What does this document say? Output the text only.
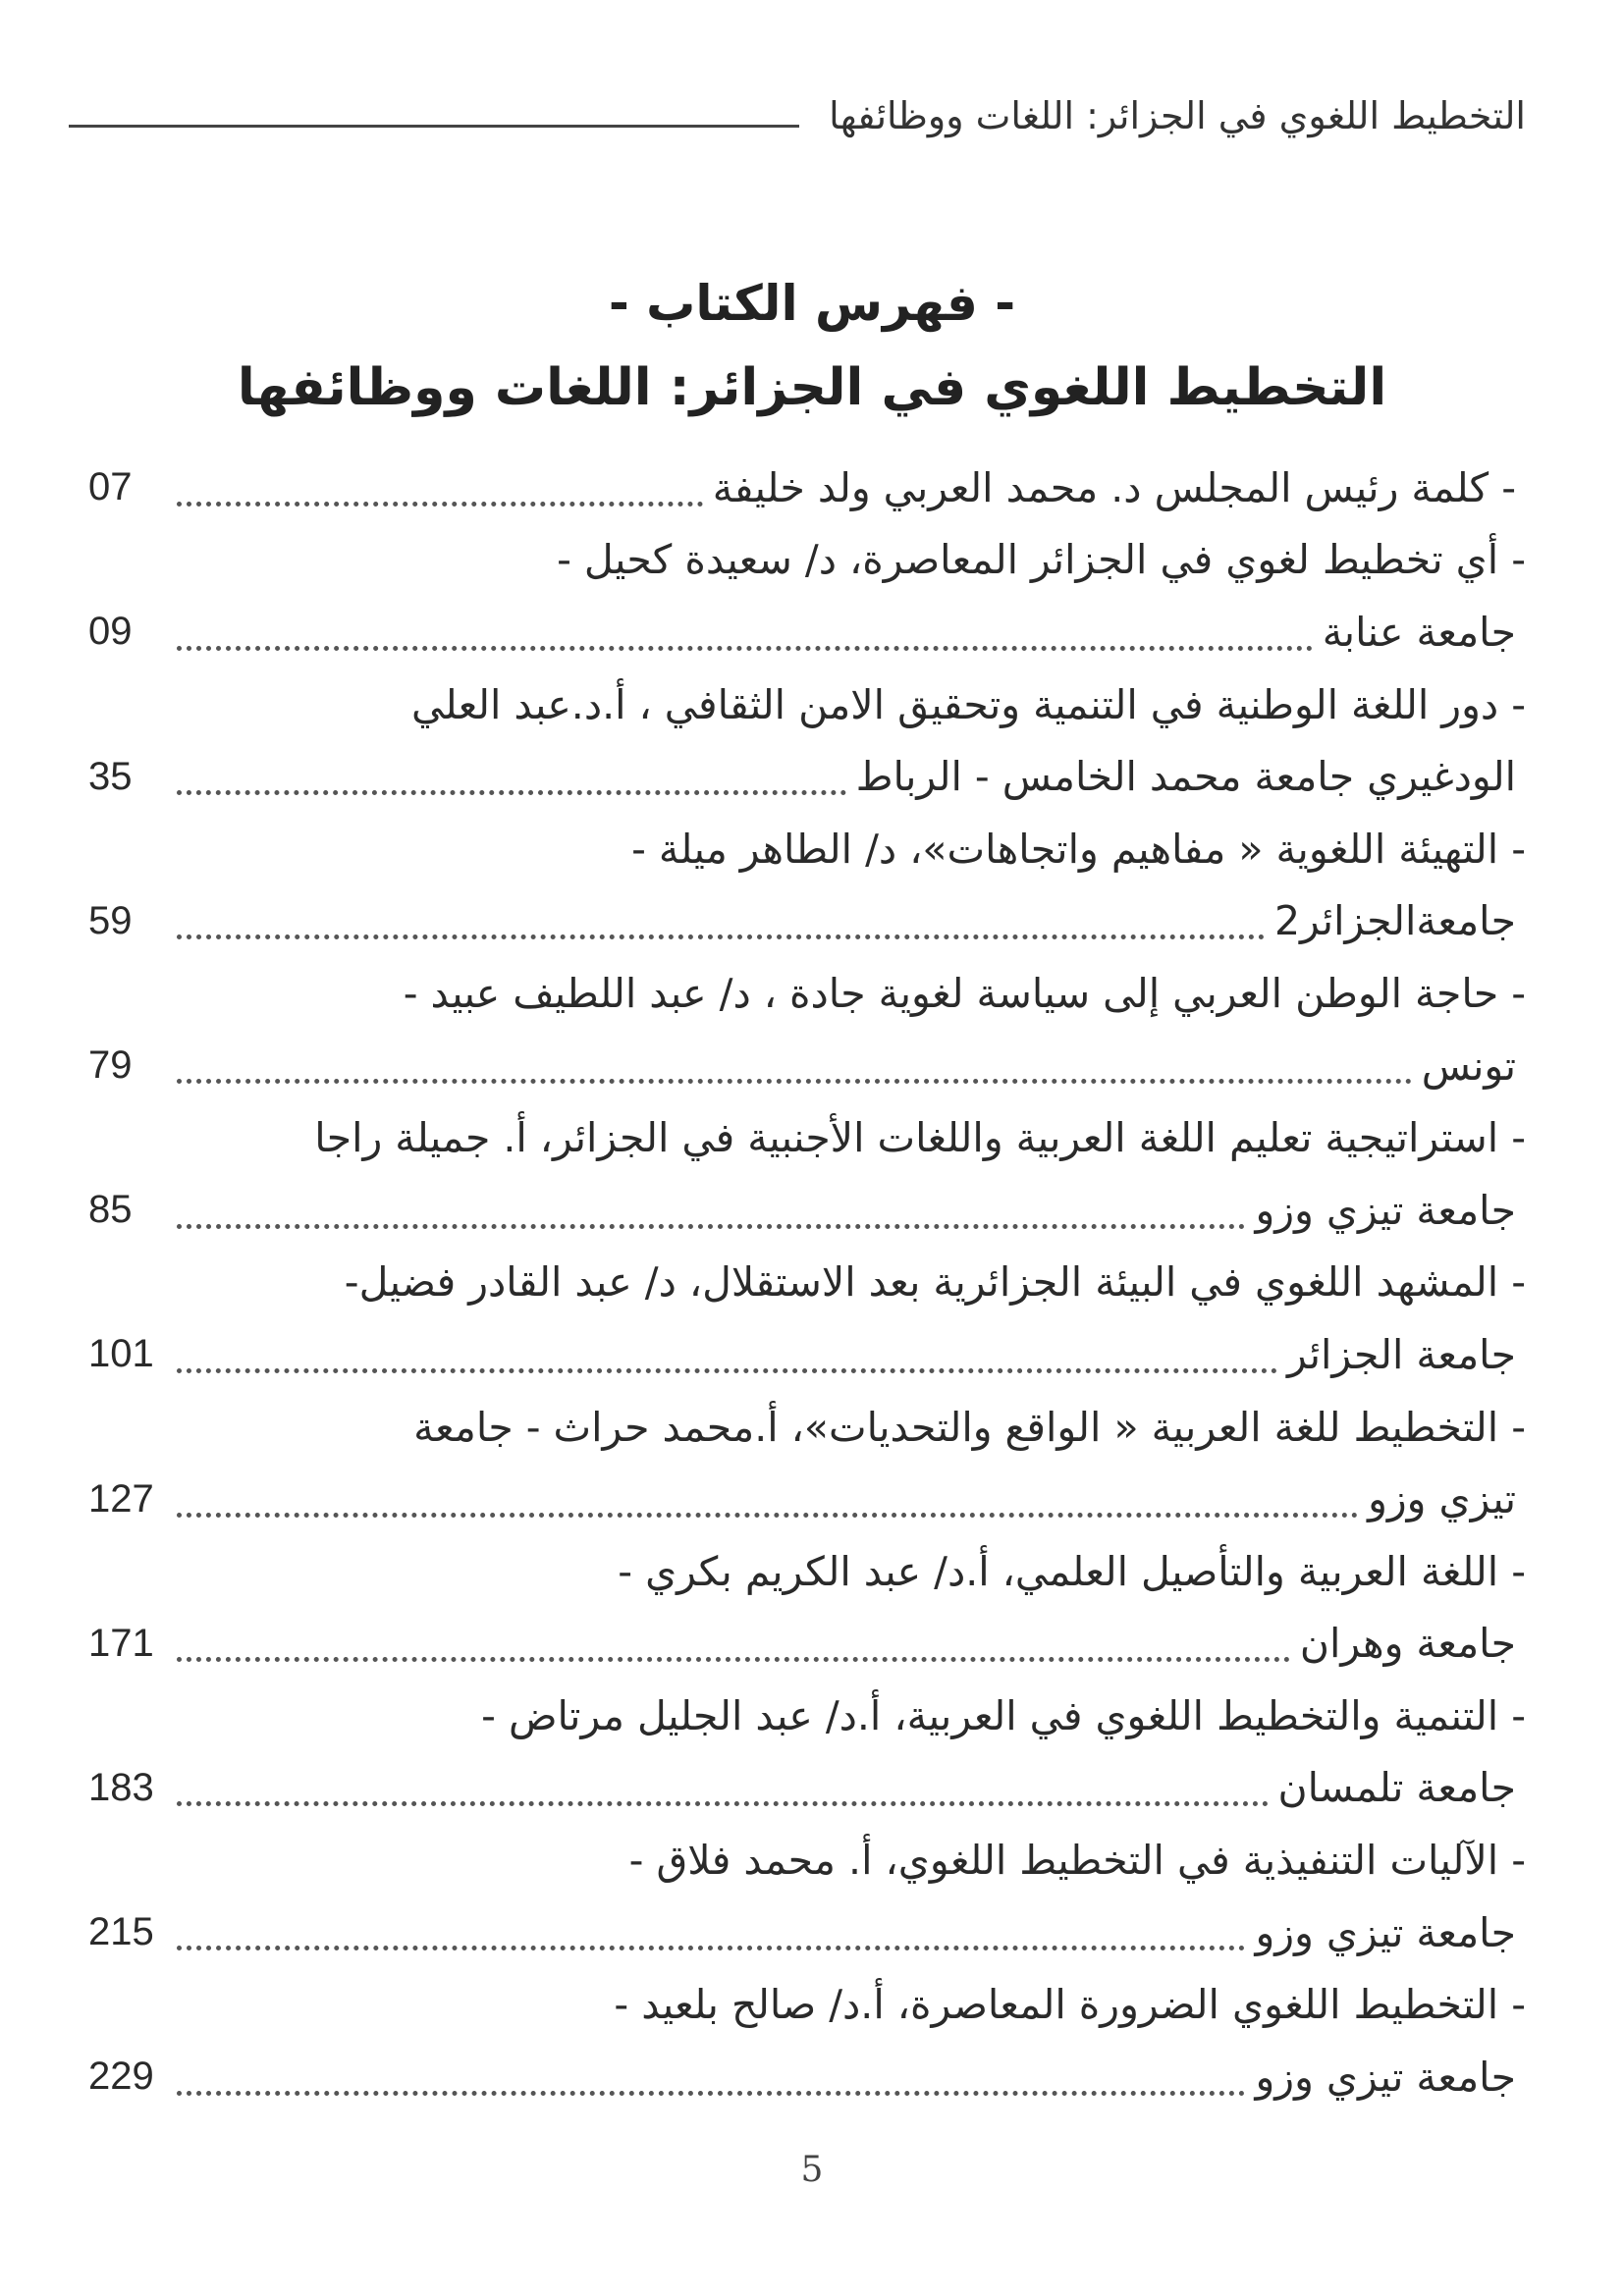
التخطيط اللغوي في الجزائر: اللغات ووظائفها
- فهرس الكتاب -
التخطيط اللغوي في الجزائر: اللغات ووظائفها
- كلمة رئيس المجلس د. محمد العربي ولد خليفة
07
- أي تخطيط لغوي في الجزائر المعاصرة، د/ سعيدة كحيل -
جامعة عنابة
09
- دور اللغة الوطنية في التنمية وتحقيق الامن الثقافي ، أ.د.عبد العلي
الودغيري جامعة محمد الخامس - الرباط
35
- التهيئة اللغوية « مفاهيم واتجاهات»، د/ الطاهر ميلة -
جامعةالجزائر2
59
- حاجة الوطن العربي إلى سياسة لغوية جادة ، د/ عبد اللطيف عبيد -
تونس
79
- استراتيجية تعليم اللغة العربية واللغات الأجنبية في الجزائر، أ. جميلة راجا
جامعة تيزي وزو
85
- المشهد اللغوي في البيئة الجزائرية بعد الاستقلال، د/ عبد القادر فضيل-
جامعة الجزائر
101
- التخطيط للغة العربية « الواقع والتحديات»، أ.محمد حراث - جامعة
تيزي وزو
127
- اللغة العربية والتأصيل العلمي، أ.د/ عبد الكريم بكري -
جامعة وهران
171
- التنمية والتخطيط اللغوي في العربية، أ.د/ عبد الجليل مرتاض -
جامعة تلمسان
183
- الآليات التنفيذية في التخطيط اللغوي، أ. محمد فلاق -
جامعة تيزي وزو
215
- التخطيط اللغوي الضرورة المعاصرة، أ.د/ صالح بلعيد -
جامعة تيزي وزو
229
5
